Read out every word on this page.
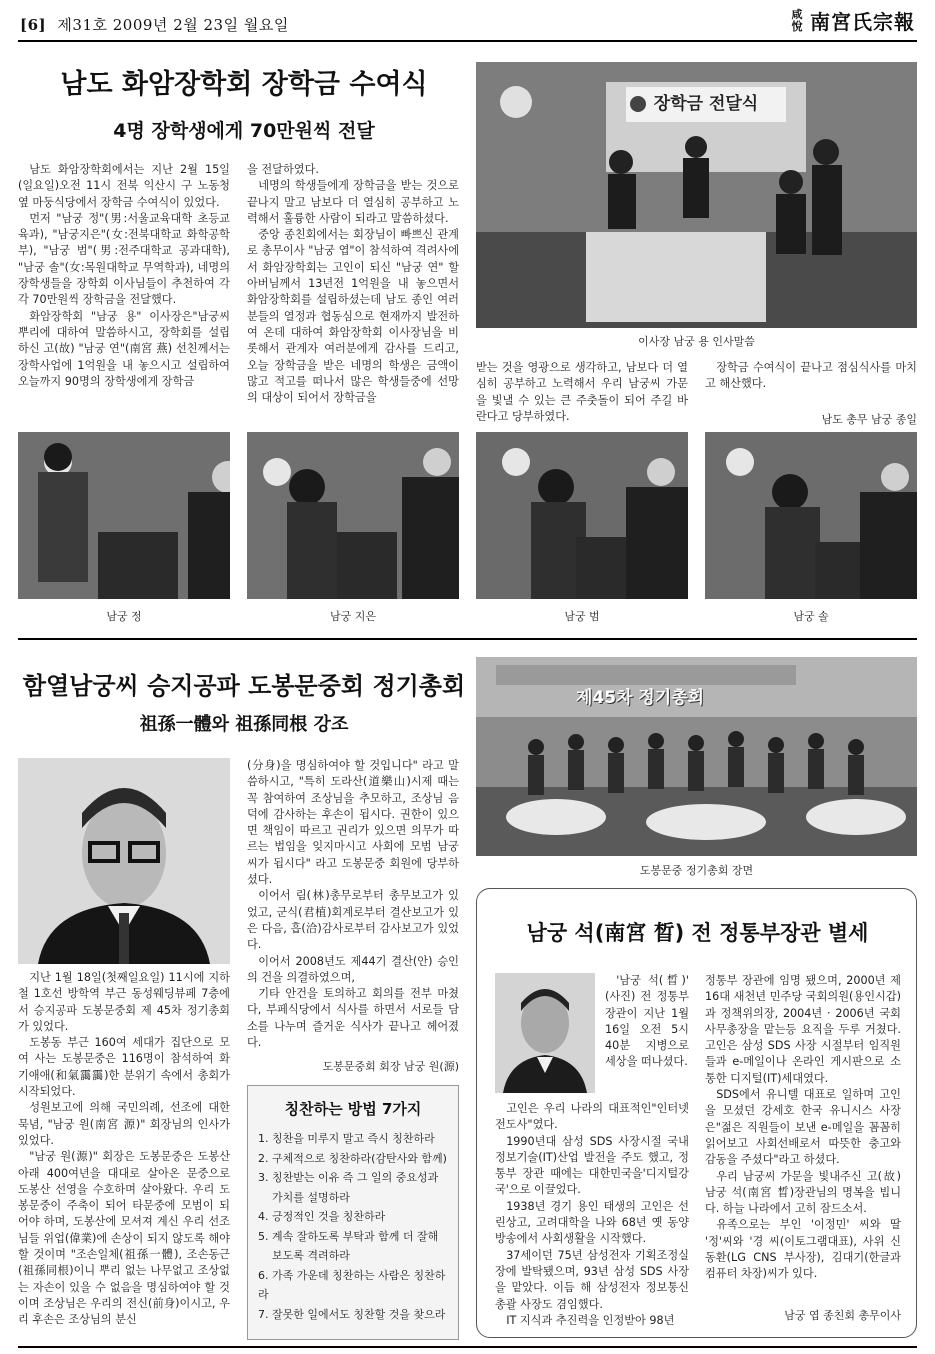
[6] 제31호 2009년 2월 23일 월요일
咸悅 南宮氏宗報
남도 화암장학회 장학금 수여식
4명 장학생에게 70만원씩 전달

남도 화암장학회에서는 지난 2월 15일(일요일)오전 11시 전북 익산시 구 노동청 옆 마둥식당에서 장학금 수여식이 있었다.

먼저 "남궁 정"(男:서울교육대학 초등교육과), "남궁지은"(女:전북대학교 화학공학부), "남궁 범"(男:전주대학교 공과대학), "남궁 솔"(女:목원대학교 무역학과), 네명의 장학생들을 장학회 이사님들이 추천하여 각각 70만원씩 장학금을 전달했다.

화암장학회 "남궁 용" 이사장은"남궁씨 뿌리에 대하여 말씀하시고, 장학회를 설립하신 고(故) "남궁 연"(南宮 燕) 선친께서는 장학사업에 1억원을 내 놓으시고 설립하여 오늘까지 90명의 장학생에게 장학금

을 전달하였다.

네명의 학생들에게 장학금을 받는 것으로 끝나지 말고 남보다 더 열심히 공부하고 노력해서 훌륭한 사람이 되라고 말씀하셨다.

중앙 종친회에서는 회장님이 빠쁘신 관계로 총무이사 "남궁 엽"이 참석하여 격려사에서 화암장학회는 고인이 되신 "남궁 연" 할아버님께서 13년전 1억원을 내 놓으면서 화암장학회를 설립하셨는데 남도 종인 여러분들의 열정과 협동심으로 현재까지 발전하여 온데 대하여 화암장학회 이사장님을 비롯해서 관계자 여러분에게 감사를 드리고, 오늘 장학금을 받은 네명의 학생은 금액이 많고 적고를 떠나서 많은 학생들중에 선망의 대상이 되어서 장학금을

장학금 전달식
이사장 남궁 용 인사말씀

받는 것을 영광으로 생각하고, 남보다 더 열심히 공부하고 노력해서 우리 남궁씨 가문을 빛낼 수 있는 큰 주춧돌이 되어 주길 바란다고 당부하였다.

장학금 수여식이 끝나고 점심식사를 마치고 해산했다.

남도 총무 남궁 종일
남궁 정	남궁 지은	남궁 범	남궁 솔
함열남궁씨 승지공파 도봉문중회 정기총회
祖孫一體와 祖孫同根 강조

지난 1월 18일(첫째일요일) 11시에 지하철 1호선 방학역 부근 동성웨딩뷰페 7층에서 승지공파 도봉문중회 제 45차 정기총회가 있었다.

도봉동 부근 160여 세대가 집단으로 모여 사는 도봉문중은 116명이 참석하여 화기애애(和氣靄靄)한 분위기 속에서 총회가 시작되었다.

성원보고에 의해 국민의례, 선조에 대한 묵념, "남궁 원(南宮 源)" 회장님의 인사가 있었다.

"남궁 원(源)" 회장은 도봉문중은 도봉산 아래 400여년을 대대로 살아온 문중으로 도봉산 선영을 수호하며 살아왔다. 우리 도봉문중이 주축이 되어 타문중에 모범이 되어야 하며, 도봉산에 모셔져 계신 우리 선조님들 위업(偉業)에 손상이 되지 않도록 해야할 것이며 "조손일체(祖孫一體), 조손동근(祖孫同根)이니 뿌리 없는 나무없고 조상없는 자손이 있을 수 없음을 명심하여야 할 것이며 조상님은 우리의 전신(前身)이시고, 우리 후손은 조상님의 분신

(分身)을 명심하여야 할 것입니다" 라고 말씀하시고, "특히 도라산(道樂山)시제 때는 꼭 참여하여 조상님을 추모하고, 조상님 음덕에 감사하는 후손이 됩시다. 권한이 있으면 책임이 따르고 권리가 있으면 의무가 따르는 법임을 잊지마시고 사회에 모범 남궁씨가 됩시다" 라고 도봉문중 회원에 당부하셨다.

이어서 림(林)총무로부터 총무보고가 있었고, 군식(君植)회계로부터 결산보고가 있은 다음, 흡(洽)감사로부터 감사보고가 있었다.

이어서 2008년도 제44기 결산(안) 승인의 건을 의결하였으며,

기타 안건을 토의하고 회의를 전부 마쳤다, 부페식당에서 식사를 하면서 서로들 담소를 나누며 즐거운 식사가 끝나고 헤어졌다.

도봉문중회 회장 남궁 원(源)
칭찬하는 방법 7가지
1. 칭찬을 미루지 말고 즉시 칭찬하라
2. 구체적으로 칭찬하라(감탄사와 함께)
3. 칭찬받는 이유 즉 그 일의 중요성과
가치를 설명하라
4. 긍정적인 것을 칭찬하라
5. 계속 잘하도록 부탁과 함께 더 잘해
보도록 격려하라
6. 가족 가운데 칭찬하는 사람은 칭찬하라
7. 잘못한 일에서도 칭찬할 것을 찾으라
제45차 정기총회
도봉문중 정기총회 장면
남궁 석(南宮 晳) 전 정통부장관 별세

'남궁 석(晳)' (사진) 전 정통부 장관이 지난 1월 16일 오전 5시 40분 지병으로 세상을 떠나셨다.

고인은 우리 나라의 대표적인"인터넷전도사"였다.

1990년대 삼성 SDS 사장시절 국내 정보기술(IT)산업 발전을 주도 했고, 정통부 장관 때에는 대한민국을'디지털강국'으로 이끌었다.

1938년 경기 용인 태생의 고인은 선린상고, 고려대학을 나와 68년 옛 동양방송에서 사회생활을 시작했다.

37세이던 75년 삼성전자 기획조정실장에 발탁됐으며, 93년 삼성 SDS 사장을 맡았다. 이듬 해 삼성전자 정보통신 총괄 사장도 겸임했다.

IT 지식과 추진력을 인정받아 98년

정통부 장관에 임명 됐으며, 2000년 제16대 새천년 민주당 국회의원(용인시갑)과 정책위의장, 2004년 · 2006년 국회사무총장을 맡는등 요직을 두루 거쳤다. 고인은 삼성 SDS 사장 시절부터 임직원 들과 e-메일이나 온라인 게시판으로 소통한 디지털(IT)세대였다.

SDS에서 유니텔 대표로 일하며 고인을 모셨던 강세호 한국 유니시스 사장은"젊은 직원들이 보낸 e-메일을 꼼꼼히 읽어보고 사회선배로서 따뜻한 충고와 감동을 주셨다"라고 하셨다.

우리 남궁씨 가문을 빛내주신 고(故) 남궁 석(南宮 晳)장관님의 명복을 빕니다. 하늘 나라에서 고히 잠드소서.

유족으로는 부인 '이정민' 씨와 딸 '정'씨와 '경 씨(이토그램대표), 사위 신동환(LG CNS 부사장), 김대기(한글과 컴퓨터 차장)씨가 있다.

남궁 엽 종친회 총무이사
